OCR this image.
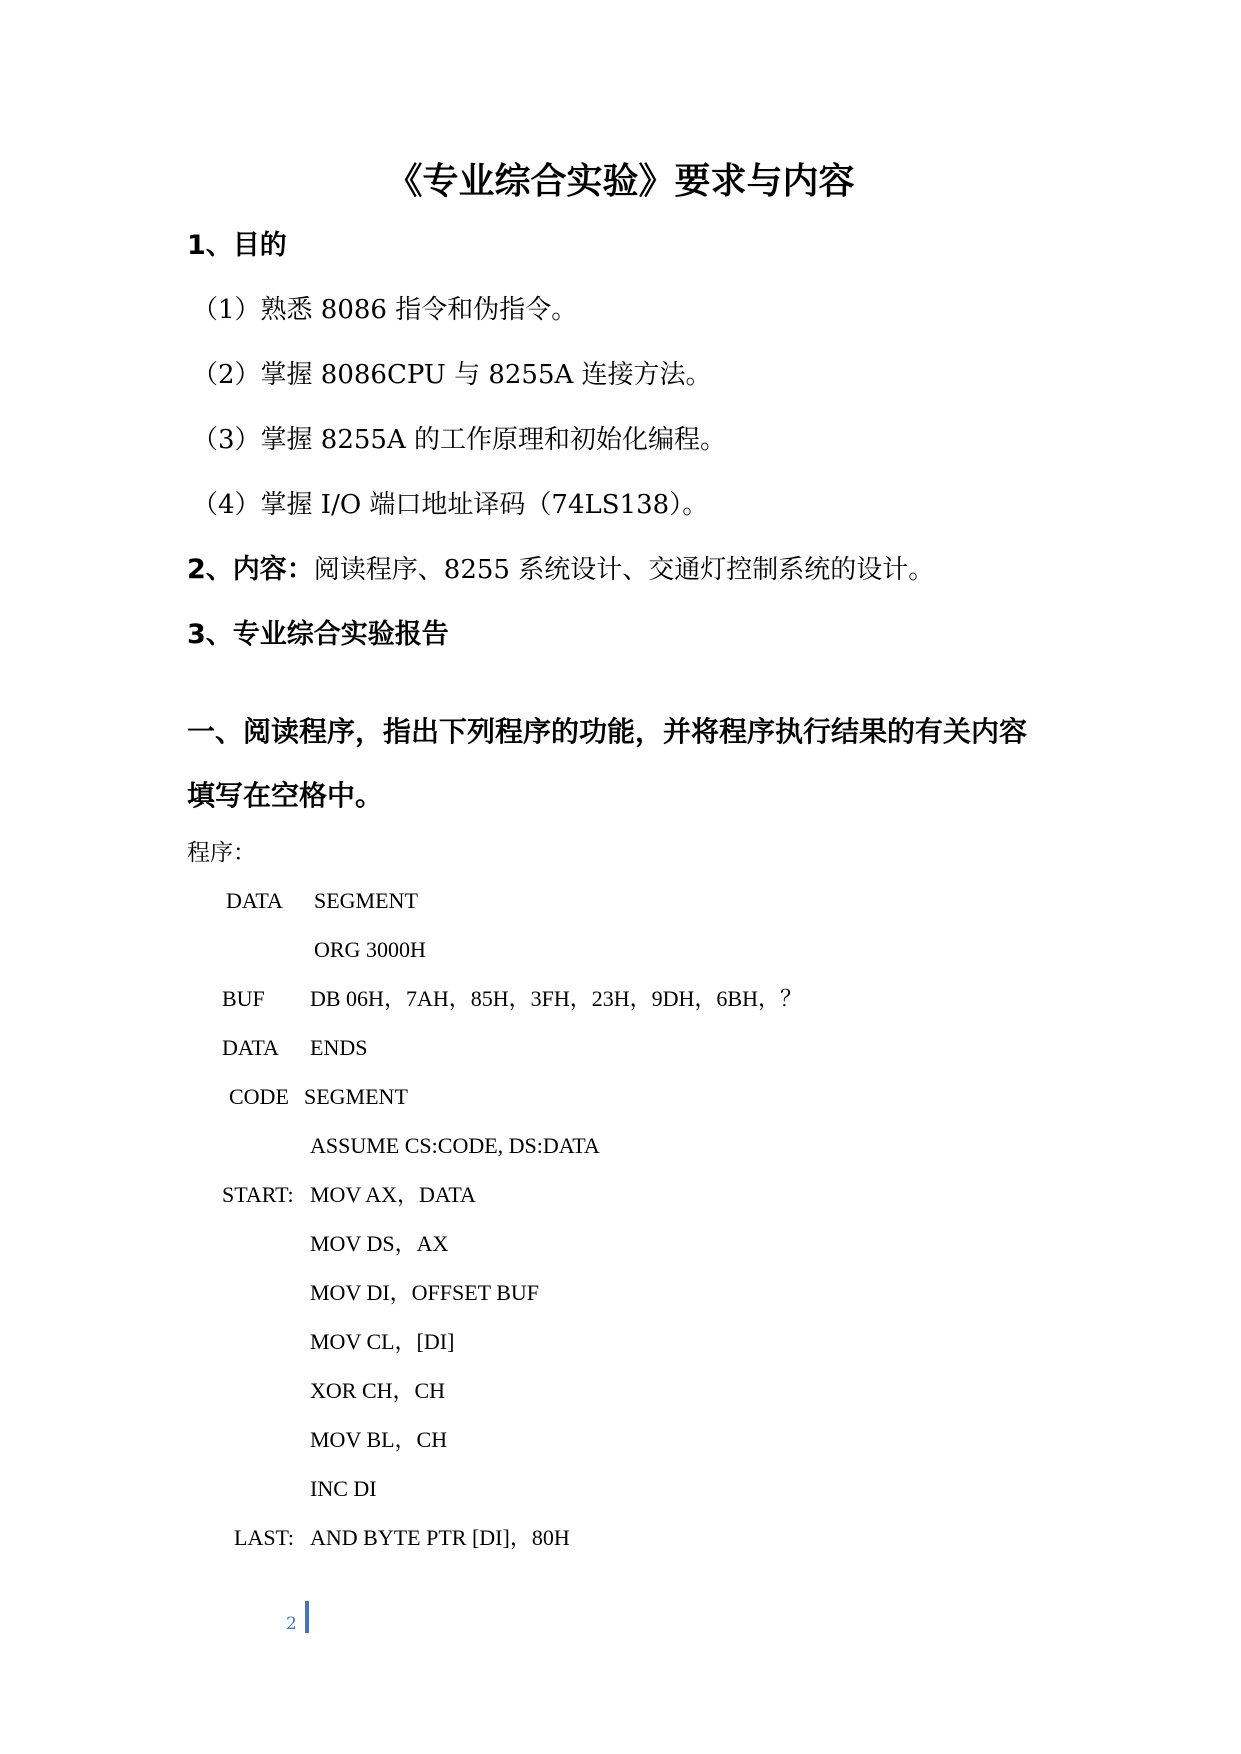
《专业综合实验》要求与内容
1、目的
（1）熟悉 8086 指令和伪指令。
（2）掌握 8086CPU 与 8255A 连接方法。
（3）掌握 8255A 的工作原理和初始化编程。
（4）掌握 I/O 端口地址译码（74LS138）。
2、内容：阅读程序、8255 系统设计、交通灯控制系统的设计。
3、专业综合实验报告
一、阅读程序，指出下列程序的功能，并将程序执行结果的有关内容
填写在空格中。
程序：
DATA SEGMENT
ORG 3000H
BUF DB 06H，7AH，85H，3FH，23H，9DH，6BH，？
DATA ENDS
CODE SEGMENT
ASSUME CS:CODE, DS:DATA
START: MOV AX，DATA
MOV DS，AX
MOV DI，OFFSET BUF
MOV CL，[DI]
XOR CH，CH
MOV BL，CH
INC DI
LAST: AND BYTE PTR [DI]，80H
2
